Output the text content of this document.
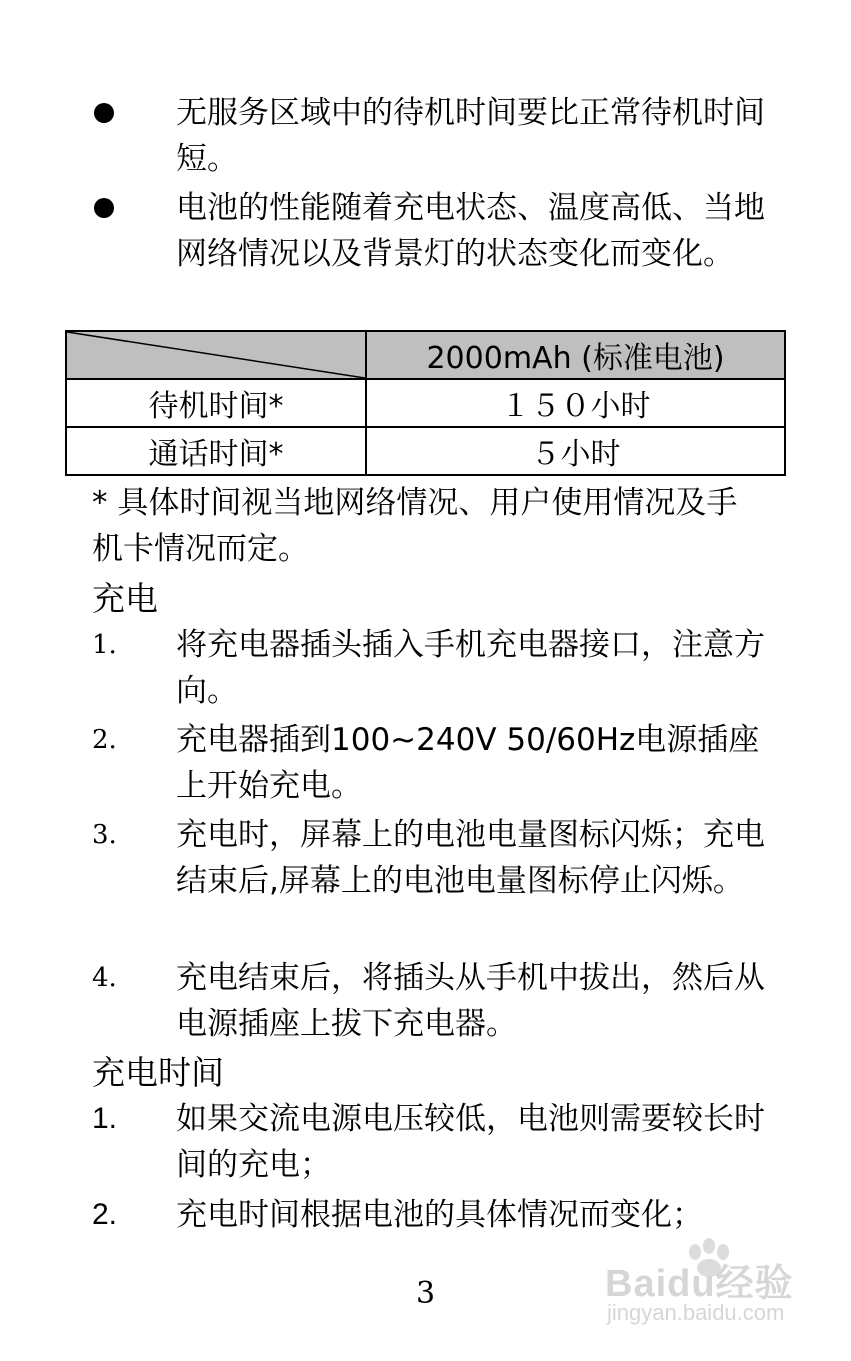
无服务区域中的待机时间要比正常待机时间短。
电池的性能随着充电状态、温度高低、当地网络情况以及背景灯的状态变化而变化。
	2000mAh (标准电池)
待机时间*	１５０小时
通话时间*	５小时
* 具体时间视当地网络情况、用户使用情况及手机卡情况而定。
充电
1.	将充电器插头插入手机充电器接口，注意方向。
2.	充电器插到100~240V 50/60Hz电源插座上开始充电。
3.	充电时，屏幕上的电池电量图标闪烁；充电结束后,屏幕上的电池电量图标停止闪烁。
4.	充电结束后，将插头从手机中拔出，然后从电源插座上拔下充电器。
充电时间
1.	如果交流电源电压较低，电池则需要较长时间的充电；
2.	充电时间根据电池的具体情况而变化；
3	Baidu经验
jingyan.baidu.com
